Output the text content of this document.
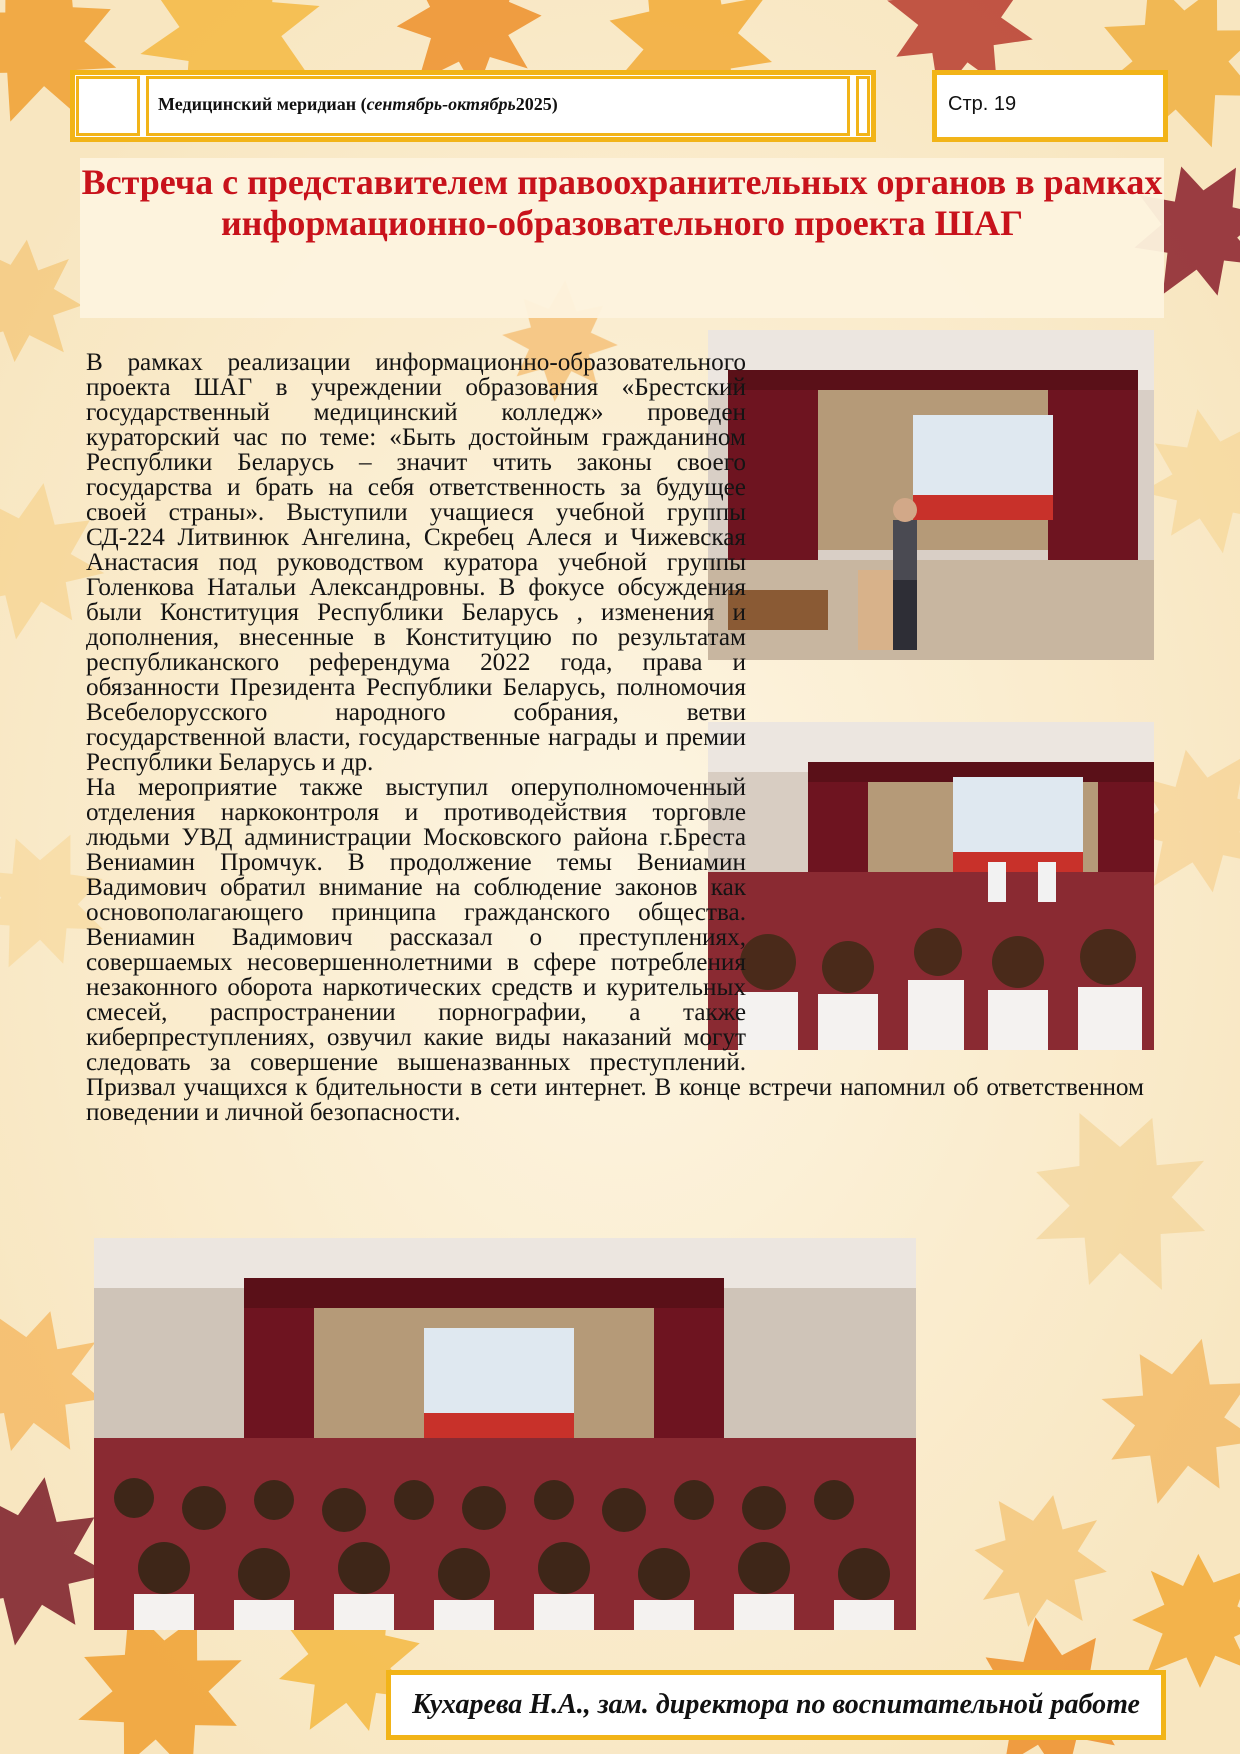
Медицинский меридиан ( сентябрь-октябрь 2025)	Стр. 19
Встреча с представителем правоохранительных органов в рамках информационно-образовательного проекта ШАГ

В рамках реализации информационно-образовательного проекта ШАГ в учреждении образования «Брестский государственный медицинский колледж» проведен кураторский час по теме: «Быть достойным гражданином Республики Беларусь – значит чтить законы своего государства и брать на себя ответственность за будущее своей страны». Выступили учащиеся учебной группы СД-224 Литвинюк Ангелина, Скребец Алеся и Чижевская Анастасия под руководством куратора учебной группы Голенкова Натальи Александровны. В фокусе обсуждения были Конституция Республики Беларусь , изменения и дополнения, внесенные в Конституцию по результатам республиканского референдума 2022 года, права и обязанности Президента Республики Беларусь, полномочия Всебелорусского народного собрания, ветви государственной власти, государственные награды и премии Республики Беларусь и др.

На мероприятие также выступил оперуполномоченный отделения наркоконтроля и противодействия торговле людьми УВД администрации Московского района г.Бреста Вениамин Промчук. В продолжение темы Вениамин Вадимович обратил внимание на соблюдение законов как основополагающего принципа гражданского общества. Вениамин Вадимович рассказал о преступлениях, совершаемых несовершеннолетними в сфере потребления незаконного оборота наркотических средств и курительных смесей, распространении порнографии, а также киберпреступлениях, озвучил какие виды наказаний могут следовать за совершение вышеназванных преступлений. Призвал учащихся к бдительности в сети интернет. В конце встречи напомнил об ответственном поведении и личной безопасности.

Кухарева Н.А., зам. директора по воспитательной работе
